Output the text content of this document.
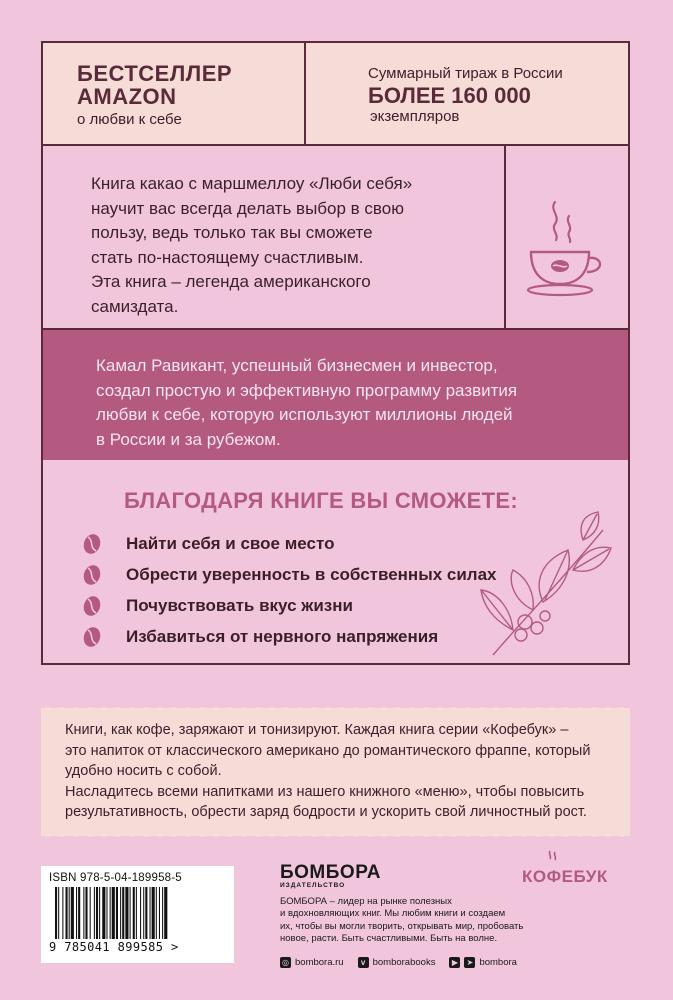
БЕСТСЕЛЛЕР
AMAZON
о любви к себе
Суммарный тираж в России
БОЛЕЕ 160 000
экземпляров
Книга какао с маршмеллоу «Люби себя»
научит вас всегда делать выбор в свою
пользу, ведь только так вы сможете
стать по-настоящему счастливым.
Эта книга – легенда американского
самиздата.
Камал Равикант, успешный бизнесмен и инвестор,
создал простую и эффективную программу развития
любви к себе, которую используют миллионы людей
в России и за рубежом.
БЛАГОДАРЯ КНИГЕ ВЫ СМОЖЕТЕ:
Найти себя и свое место
Обрести уверенность в собственных силах
Почувствовать вкус жизни
Избавиться от нервного напряжения
Книги, как кофе, заряжают и тонизируют. Каждая книга серии «Кофебук» –
это напиток от классического американо до романтического фраппе, который
удобно носить с собой.
Насладитесь всеми напитками из нашего книжного «меню», чтобы повысить
результативность, обрести заряд бодрости и ускорить свой личностный рост.
ISBN 978-5-04-189958-5
9 785041 899585 >
БОМБОРА
ИЗДАТЕЛЬСТВО
БОМБОРА – лидер на рынке полезных
и вдохновляющих книг. Мы любим книги и создаем
их, чтобы вы могли творить, открывать мир, пробовать
новое, расти. Быть счастливыми. Быть на волне.
◎ bombora.ru	v bomborabooks	▶	➤ bombora
КОФЕБУК
